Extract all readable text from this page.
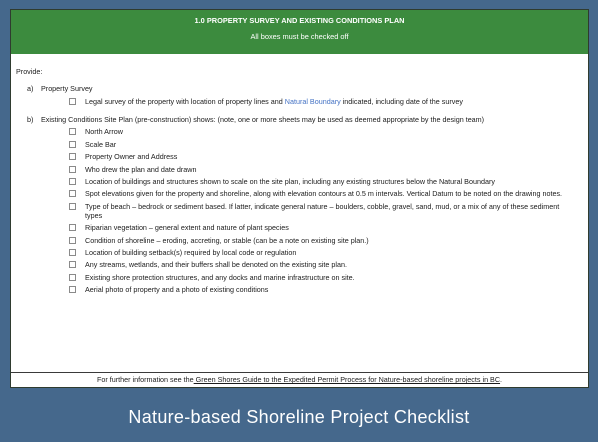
1.0 PROPERTY SURVEY AND EXISTING CONDITIONS PLAN
All boxes must be checked off
Provide:
a)	Property Survey
Legal survey of the property with location of property lines and Natural Boundary indicated, including date of the survey
b)	Existing Conditions Site Plan (pre-construction) shows: (note, one or more sheets may be used as deemed appropriate by the design team)
North Arrow
Scale Bar
Property Owner and Address
Who drew the plan and date drawn
Location of buildings and structures shown to scale on the site plan, including any existing structures below the Natural Boundary
Spot elevations given for the property and shoreline, along with elevation contours at 0.5 m intervals. Vertical Datum to be noted on the drawing notes.
Type of beach – bedrock or sediment based. If latter, indicate general nature – boulders, cobble, gravel, sand, mud, or a mix of any of these sediment types
Riparian vegetation – general extent and nature of plant species
Condition of shoreline – eroding, accreting, or stable (can be a note on existing site plan.)
Location of building setback(s) required by local code or regulation
Any streams, wetlands, and their buffers shall be denoted on the existing site plan.
Existing shore protection structures, and any docks and marine infrastructure on site.
Aerial photo of property and a photo of existing conditions
For further information see the Green Shores Guide to the Expedited Permit Process for Nature-based shoreline projects in BC.
Nature-based Shoreline Project Checklist
